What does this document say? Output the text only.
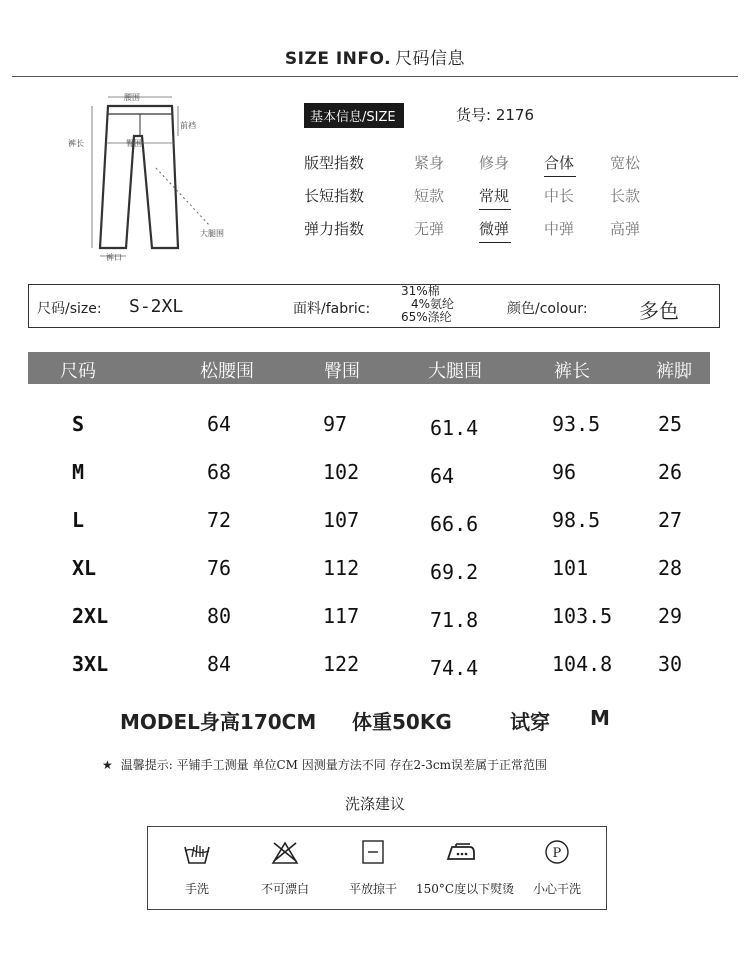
SIZE INFO. 尺码信息
腰围
前裆
裤长	臀围
大腿围
裤口
基本信息/SIZE	货号: 2176
版型指数	紧身 修身 合体 宽松
长短指数	短款 常规 中长 长款
弹力指数	无弹 微弹 中弹 高弹
尺码/size: S-2XL	面料/fabric:
31%棉
4%氨纶
65%涤纶	颜色/colour:	多色
尺码	松腰围	臀围	大腿围	裤长	裤脚
S	64	97	61.4	93.5	25
M	68	102	64	96	26
L	72	107	66.6	98.5	27
XL	76	112	69.2	101	28
2XL	80	117	71.8	103.5 29
3XL	84	122	74.4	104.8 30
MODEL身高170CM 体重50KG	试穿 M
★ 温馨提示: 平铺手工测量 单位CM 因测量方法不同 存在2-3cm误差属于正常范围
洗涤建议
手洗	不可漂白	平放掠干	150°C度以下熨烫
P
小心干洗
